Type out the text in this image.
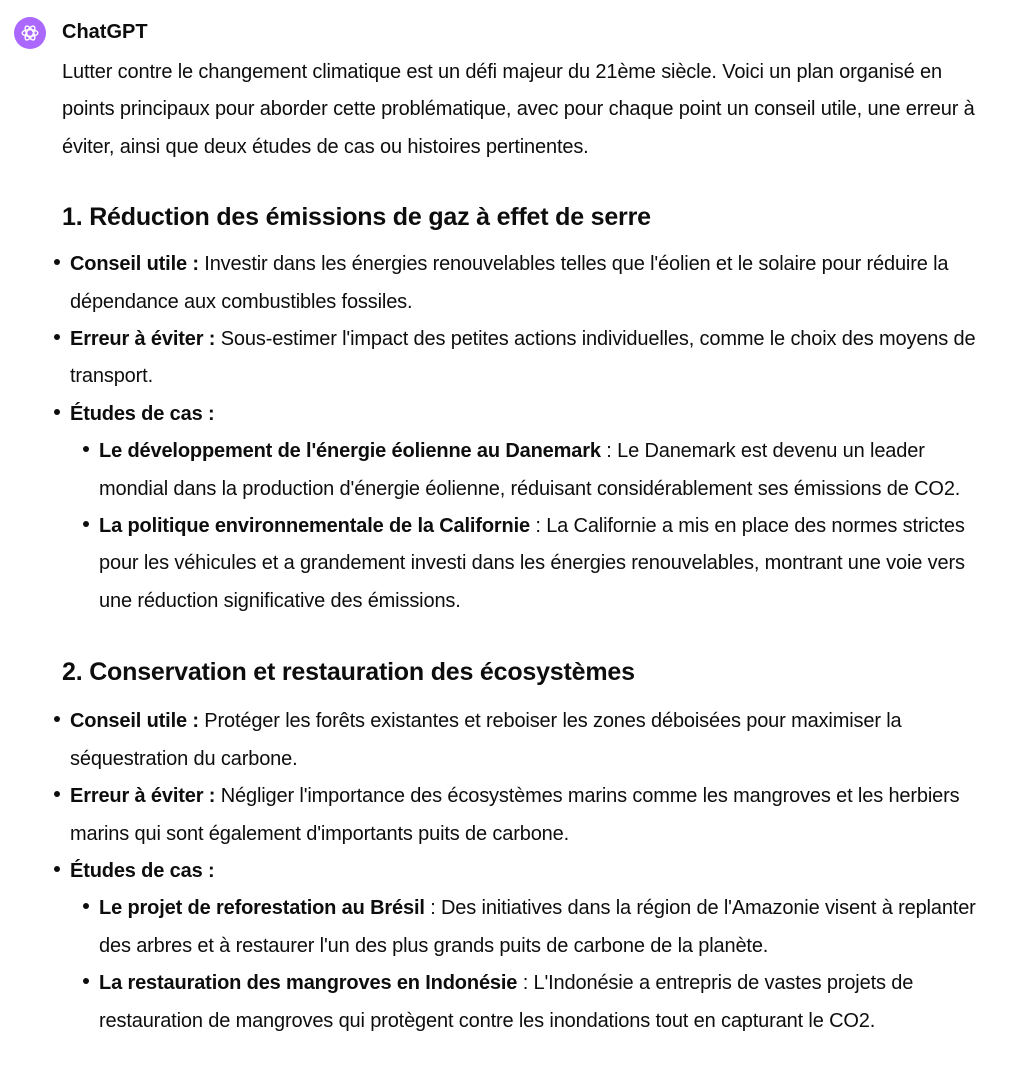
ChatGPT

Lutter contre le changement climatique est un défi majeur du 21ème siècle. Voici un plan organisé en points principaux pour aborder cette problématique, avec pour chaque point un conseil utile, une erreur à éviter, ainsi que deux études de cas ou histoires pertinentes.

1. Réduction des émissions de gaz à effet de serre
Conseil utile : Investir dans les énergies renouvelables telles que l'éolien et le solaire pour réduire la dépendance aux combustibles fossiles.
Erreur à éviter : Sous-estimer l'impact des petites actions individuelles, comme le choix des moyens de transport.
Études de cas :
Le développement de l'énergie éolienne au Danemark : Le Danemark est devenu un leader mondial dans la production d'énergie éolienne, réduisant considérablement ses émissions de CO2.
La politique environnementale de la Californie : La Californie a mis en place des normes strictes pour les véhicules et a grandement investi dans les énergies renouvelables, montrant une voie vers une réduction significative des émissions.
2. Conservation et restauration des écosystèmes
Conseil utile : Protéger les forêts existantes et reboiser les zones déboisées pour maximiser la séquestration du carbone.
Erreur à éviter : Négliger l'importance des écosystèmes marins comme les mangroves et les herbiers marins qui sont également d'importants puits de carbone.
Études de cas :
Le projet de reforestation au Brésil : Des initiatives dans la région de l'Amazonie visent à replanter des arbres et à restaurer l'un des plus grands puits de carbone de la planète.
La restauration des mangroves en Indonésie : L'Indonésie a entrepris de vastes projets de restauration de mangroves qui protègent contre les inondations tout en capturant le CO2.
